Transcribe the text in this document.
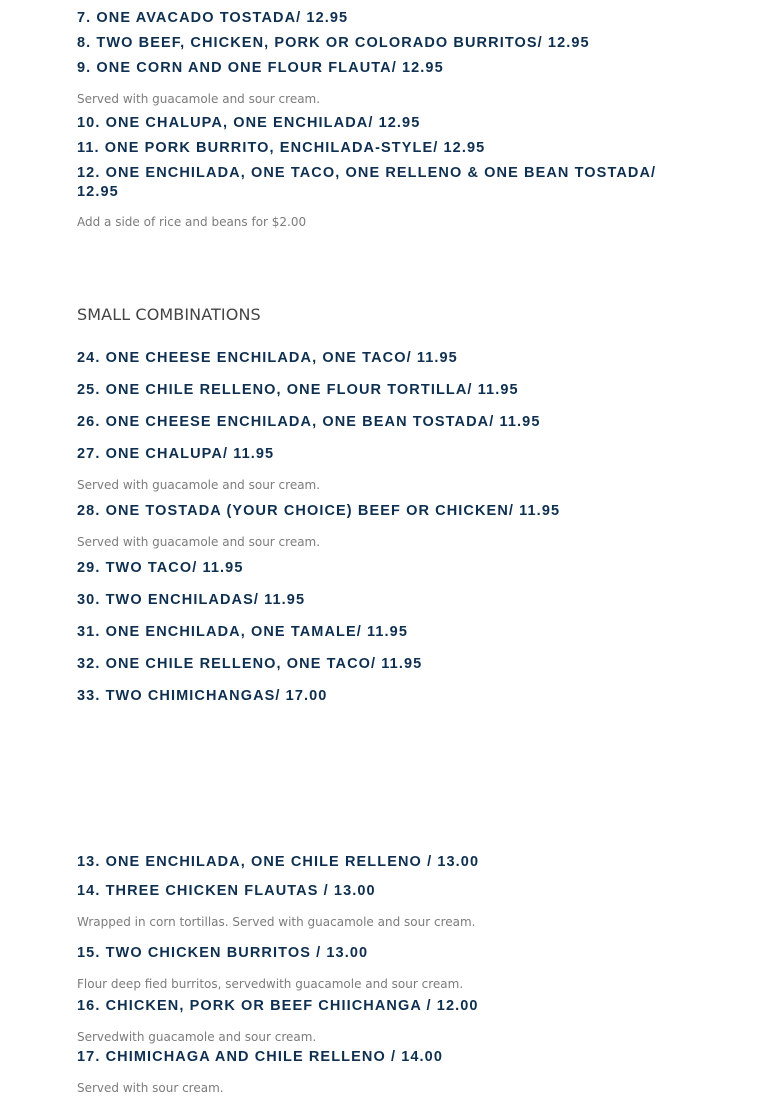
7. ONE AVACADO TOSTADA/ 12.95
8. TWO BEEF, CHICKEN, PORK OR COLORADO BURRITOS/ 12.95
9. ONE CORN AND ONE FLOUR FLAUTA/ 12.95
Served with guacamole and sour cream.
10. ONE CHALUPA, ONE ENCHILADA/ 12.95
11. ONE PORK BURRITO, ENCHILADA-STYLE/ 12.95
12. ONE ENCHILADA, ONE TACO, ONE RELLENO & ONE BEAN TOSTADA/ 12.95
Add a side of rice and beans for $2.00
SMALL COMBINATIONS
24. ONE CHEESE ENCHILADA, ONE TACO/ 11.95
25. ONE CHILE RELLENO, ONE FLOUR TORTILLA/ 11.95
26. ONE CHEESE ENCHILADA, ONE BEAN TOSTADA/ 11.95
27. ONE CHALUPA/ 11.95
Served with guacamole and sour cream.
28. ONE TOSTADA (YOUR CHOICE) BEEF OR CHICKEN/ 11.95
Served with guacamole and sour cream.
29. TWO TACO/ 11.95
30. TWO ENCHILADAS/ 11.95
31. ONE ENCHILADA, ONE TAMALE/ 11.95
32. ONE CHILE RELLENO, ONE TACO/ 11.95
33. TWO CHIMICHANGAS/ 17.00
13. ONE ENCHILADA, ONE CHILE RELLENO / 13.00
14. THREE CHICKEN FLAUTAS / 13.00
Wrapped in corn tortillas. Served with guacamole and sour cream.
15. TWO CHICKEN BURRITOS / 13.00
Flour deep fied burritos, servedwith guacamole and sour cream.
16. CHICKEN, PORK OR BEEF CHIICHANGA / 12.00
Servedwith guacamole and sour cream.
17. CHIMICHAGA AND CHILE RELLENO / 14.00
Served with sour cream.
